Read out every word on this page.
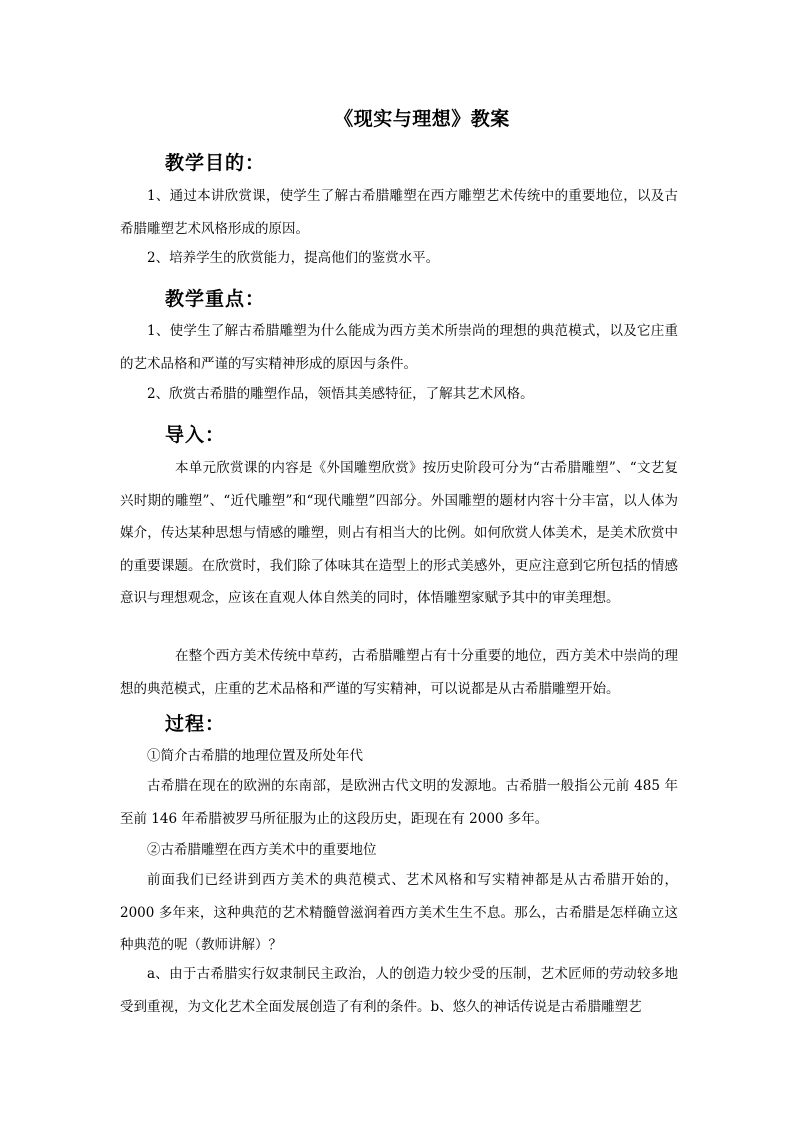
《现实与理想》教案
教学目的：

1、通过本讲欣赏课，使学生了解古希腊雕塑在西方雕塑艺术传统中的重要地位，以及古希腊雕塑艺术风格形成的原因。

2、培养学生的欣赏能力，提高他们的鉴赏水平。

教学重点：

1、使学生了解古希腊雕塑为什么能成为西方美术所崇尚的理想的典范模式，以及它庄重的艺术品格和严谨的写实精神形成的原因与条件。

2、欣赏古希腊的雕塑作品，领悟其美感特征，了解其艺术风格。

导入：

本单元欣赏课的内容是《外国雕塑欣赏》按历史阶段可分为“古希腊雕塑”、“文艺复兴时期的雕塑”、“近代雕塑”和“现代雕塑”四部分。外国雕塑的题材内容十分丰富，以人体为媒介，传达某种思想与情感的雕塑，则占有相当大的比例。如何欣赏人体美术，是美术欣赏中的重要课题。在欣赏时，我们除了体味其在造型上的形式美感外，更应注意到它所包括的情感意识与理想观念，应该在直观人体自然美的同时，体悟雕塑家赋予其中的审美理想。

在整个西方美术传统中草药，古希腊雕塑占有十分重要的地位，西方美术中崇尚的理想的典范模式，庄重的艺术品格和严谨的写实精神，可以说都是从古希腊雕塑开始。

过程：
①简介古希腊的地理位置及所处年代

古希腊在现在的欧洲的东南部，是欧洲古代文明的发源地。古希腊一般指公元前 485 年至前 146 年希腊被罗马所征服为止的这段历史，距现在有 2000 多年。

②古希腊雕塑在西方美术中的重要地位

前面我们已经讲到西方美术的典范模式、艺术风格和写实精神都是从古希腊开始的，2000 多年来，这种典范的艺术精髓曾滋润着西方美术生生不息。那么，古希腊是怎样确立这种典范的呢（教师讲解）？

a、由于古希腊实行奴隶制民主政治，人的创造力较少受的压制，艺术匠师的劳动较多地受到重视，为文化艺术全面发展创造了有利的条件。b、悠久的神话传说是古希腊雕塑艺
